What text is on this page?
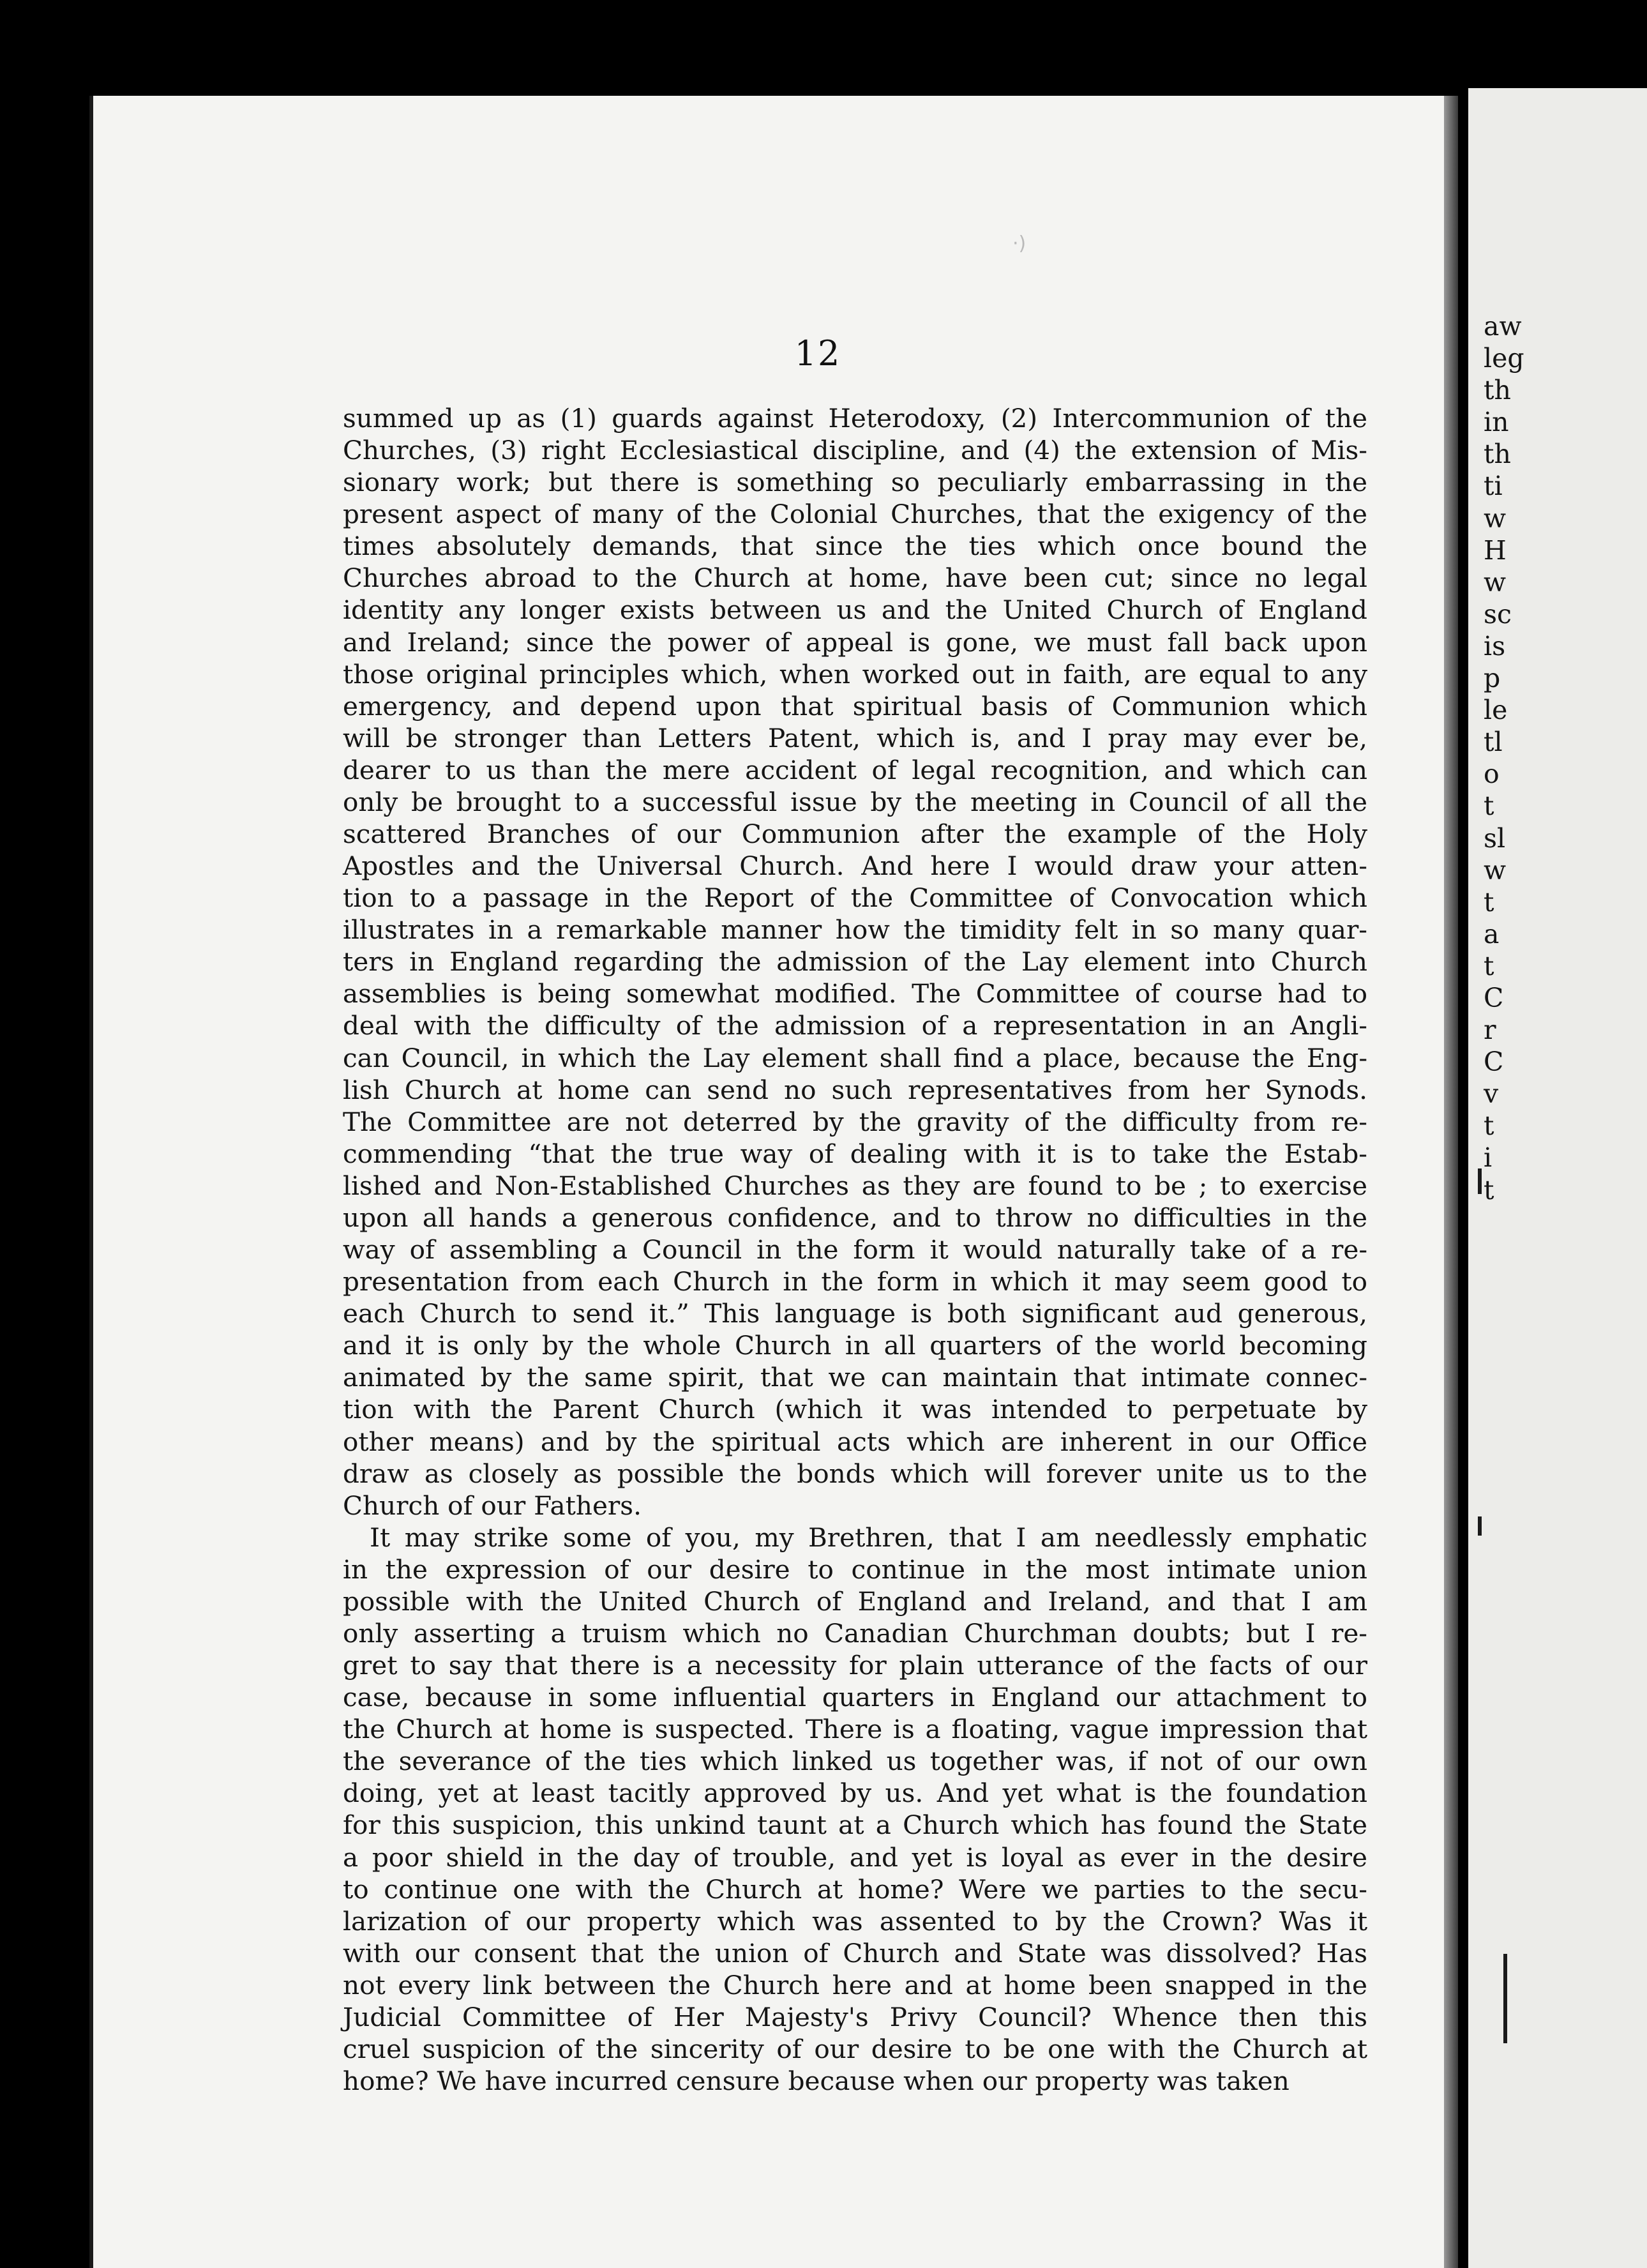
·)
12
summed up as (1) guards against Heterodoxy, (2) Intercommunion of the
Churches, (3) right Ecclesiastical discipline, and (4) the extension of Mis-
sionary work; but there is something so peculiarly embarrassing in the
present aspect of many of the Colonial Churches, that the exigency of the
times absolutely demands, that since the ties which once bound the
Churches abroad to the Church at home, have been cut; since no legal
identity any longer exists between us and the United Church of England
and Ireland; since the power of appeal is gone, we must fall back upon
those original principles which, when worked out in faith, are equal to any
emergency, and depend upon that spiritual basis of Communion which
will be stronger than Letters Patent, which is, and I pray may ever be,
dearer to us than the mere accident of legal recognition, and which can
only be brought to a successful issue by the meeting in Council of all the
scattered Branches of our Communion after the example of the Holy
Apostles and the Universal Church. And here I would draw your atten-
tion to a passage in the Report of the Committee of Convocation which
illustrates in a remarkable manner how the timidity felt in so many quar-
ters in England regarding the admission of the Lay element into Church
assemblies is being somewhat modified. The Committee of course had to
deal with the difficulty of the admission of a representation in an Angli-
can Council, in which the Lay element shall find a place, because the Eng-
lish Church at home can send no such representatives from her Synods.
The Committee are not deterred by the gravity of the difficulty from re-
commending “that the true way of dealing with it is to take the Estab-
lished and Non-Established Churches as they are found to be ; to exercise
upon all hands a generous confidence, and to throw no difficulties in the
way of assembling a Council in the form it would naturally take of a re-
presentation from each Church in the form in which it may seem good to
each Church to send it.” This language is both significant aud generous,
and it is only by the whole Church in all quarters of the world becoming
animated by the same spirit, that we can maintain that intimate connec-
tion with the Parent Church (which it was intended to perpetuate by
other means) and by the spiritual acts which are inherent in our Office
draw as closely as possible the bonds which will forever unite us to the
Church of our Fathers.
It may strike some of you, my Brethren, that I am needlessly emphatic
in the expression of our desire to continue in the most intimate union
possible with the United Church of England and Ireland, and that I am
only asserting a truism which no Canadian Churchman doubts; but I re-
gret to say that there is a necessity for plain utterance of the facts of our
case, because in some influential quarters in England our attachment to
the Church at home is suspected. There is a floating, vague impression that
the severance of the ties which linked us together was, if not of our own
doing, yet at least tacitly approved by us. And yet what is the foundation
for this suspicion, this unkind taunt at a Church which has found the State
a poor shield in the day of trouble, and yet is loyal as ever in the desire
to continue one with the Church at home? Were we parties to the secu-
larization of our property which was assented to by the Crown? Was it
with our consent that the union of Church and State was dissolved? Has
not every link between the Church here and at home been snapped in the
Judicial Committee of Her Majesty's Privy Council? Whence then this
cruel suspicion of the sincerity of our desire to be one with the Church at
home? We have incurred censure because when our property was taken
aw
leg
th
in
th
ti
w
H
w
sc
is
p
le
tl
o
t
sl
w
t
a
t
C
r
C
v
t
i
t
